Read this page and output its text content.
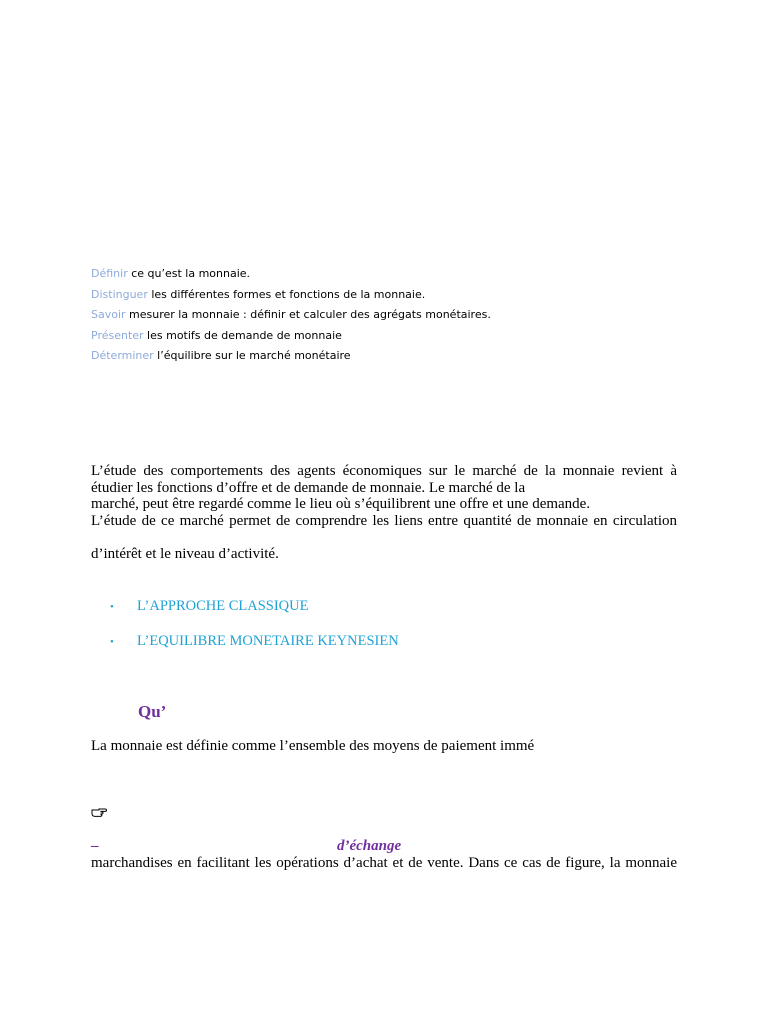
Définir ce qu’est la monnaie.
Distinguer les différentes formes et fonctions de la monnaie.
Savoir mesurer la monnaie : définir et calculer des agrégats monétaires.
Présenter les motifs de demande de monnaie
Déterminer l’équilibre sur le marché monétaire
L’étude des comportements des agents économiques sur le marché de la monnaie revient à
étudier les fonctions d’offre et de demande de monnaie. Le marché de la
marché, peut être regardé comme le lieu où s’équilibrent une offre et une demande.
L’étude de ce marché permet de comprendre les liens entre quantité de monnaie en circulation
d’intérêt et le niveau d’activité.
• L’APPROCHE CLASSIQUE
• L’EQUILIBRE MONETAIRE KEYNESIEN
Qu’
La monnaie est définie comme l’ensemble des moyens de paiement immé
–	d’échange
marchandises en facilitant les opérations d’achat et de vente. Dans ce cas de figure, la monnaie
